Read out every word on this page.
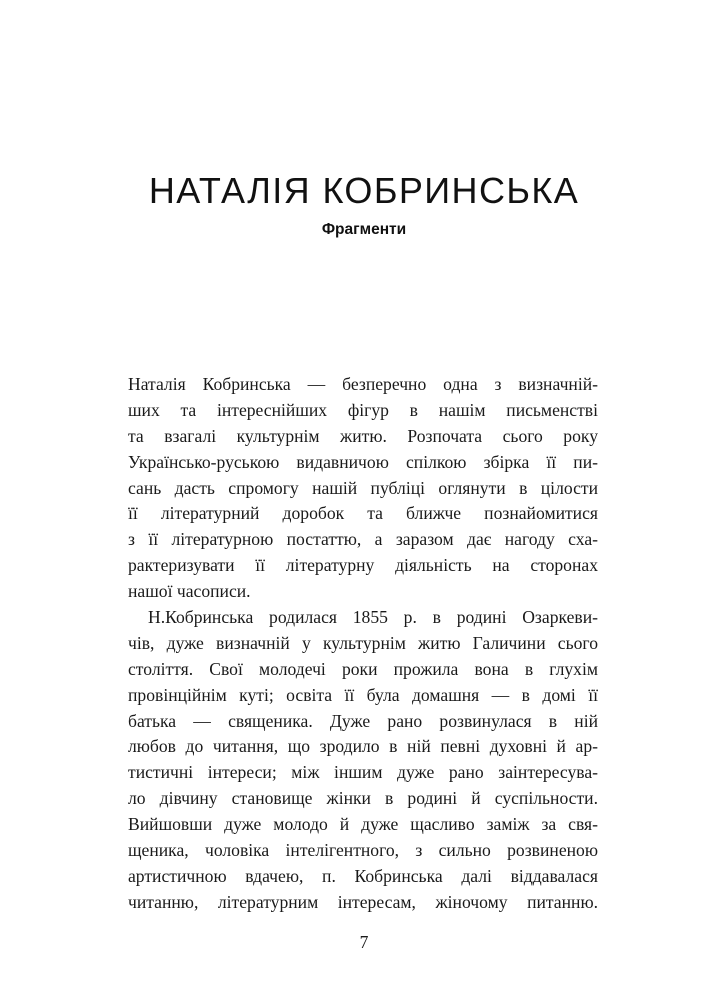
НАТАЛІЯ КОБРИНСЬКА
Фрагменти
Наталія Кобринська — безперечно одна з визначній-
ших та інтереснійших фігур в нашім письменстві
та взагалі культурнім житю. Розпочата сього року
Українсько-руською видавничою спілкою збірка її пи-
сань дасть спромогу нашій публіці оглянути в цілости
її літературний доробок та ближче познайомитися
з її літературною постаттю, а заразом дає нагоду сха-
рактеризувати її літературну діяльність на сторонах
нашої часописи.
Н.Кобринська родилася 1855 р. в родині Озаркеви-
чів, дуже визначній у культурнім житю Галичини сього
століття. Свої молодечі роки прожила вона в глухім
провінційнім куті; освіта її була домашня — в домі її
батька — священика. Дуже рано розвинулася в ній
любов до читання, що зродило в ній певні духовні й ар-
тистичні інтереси; між іншим дуже рано заінтересува-
ло дівчину становище жінки в родині й суспільности.
Вийшовши дуже молодо й дуже щасливо заміж за свя-
щеника, чоловіка інтелігентного, з сильно розвиненою
артистичною вдачею, п. Кобринська далі віддавалася
читанню, літературним інтересам, жіночому питанню.
7
